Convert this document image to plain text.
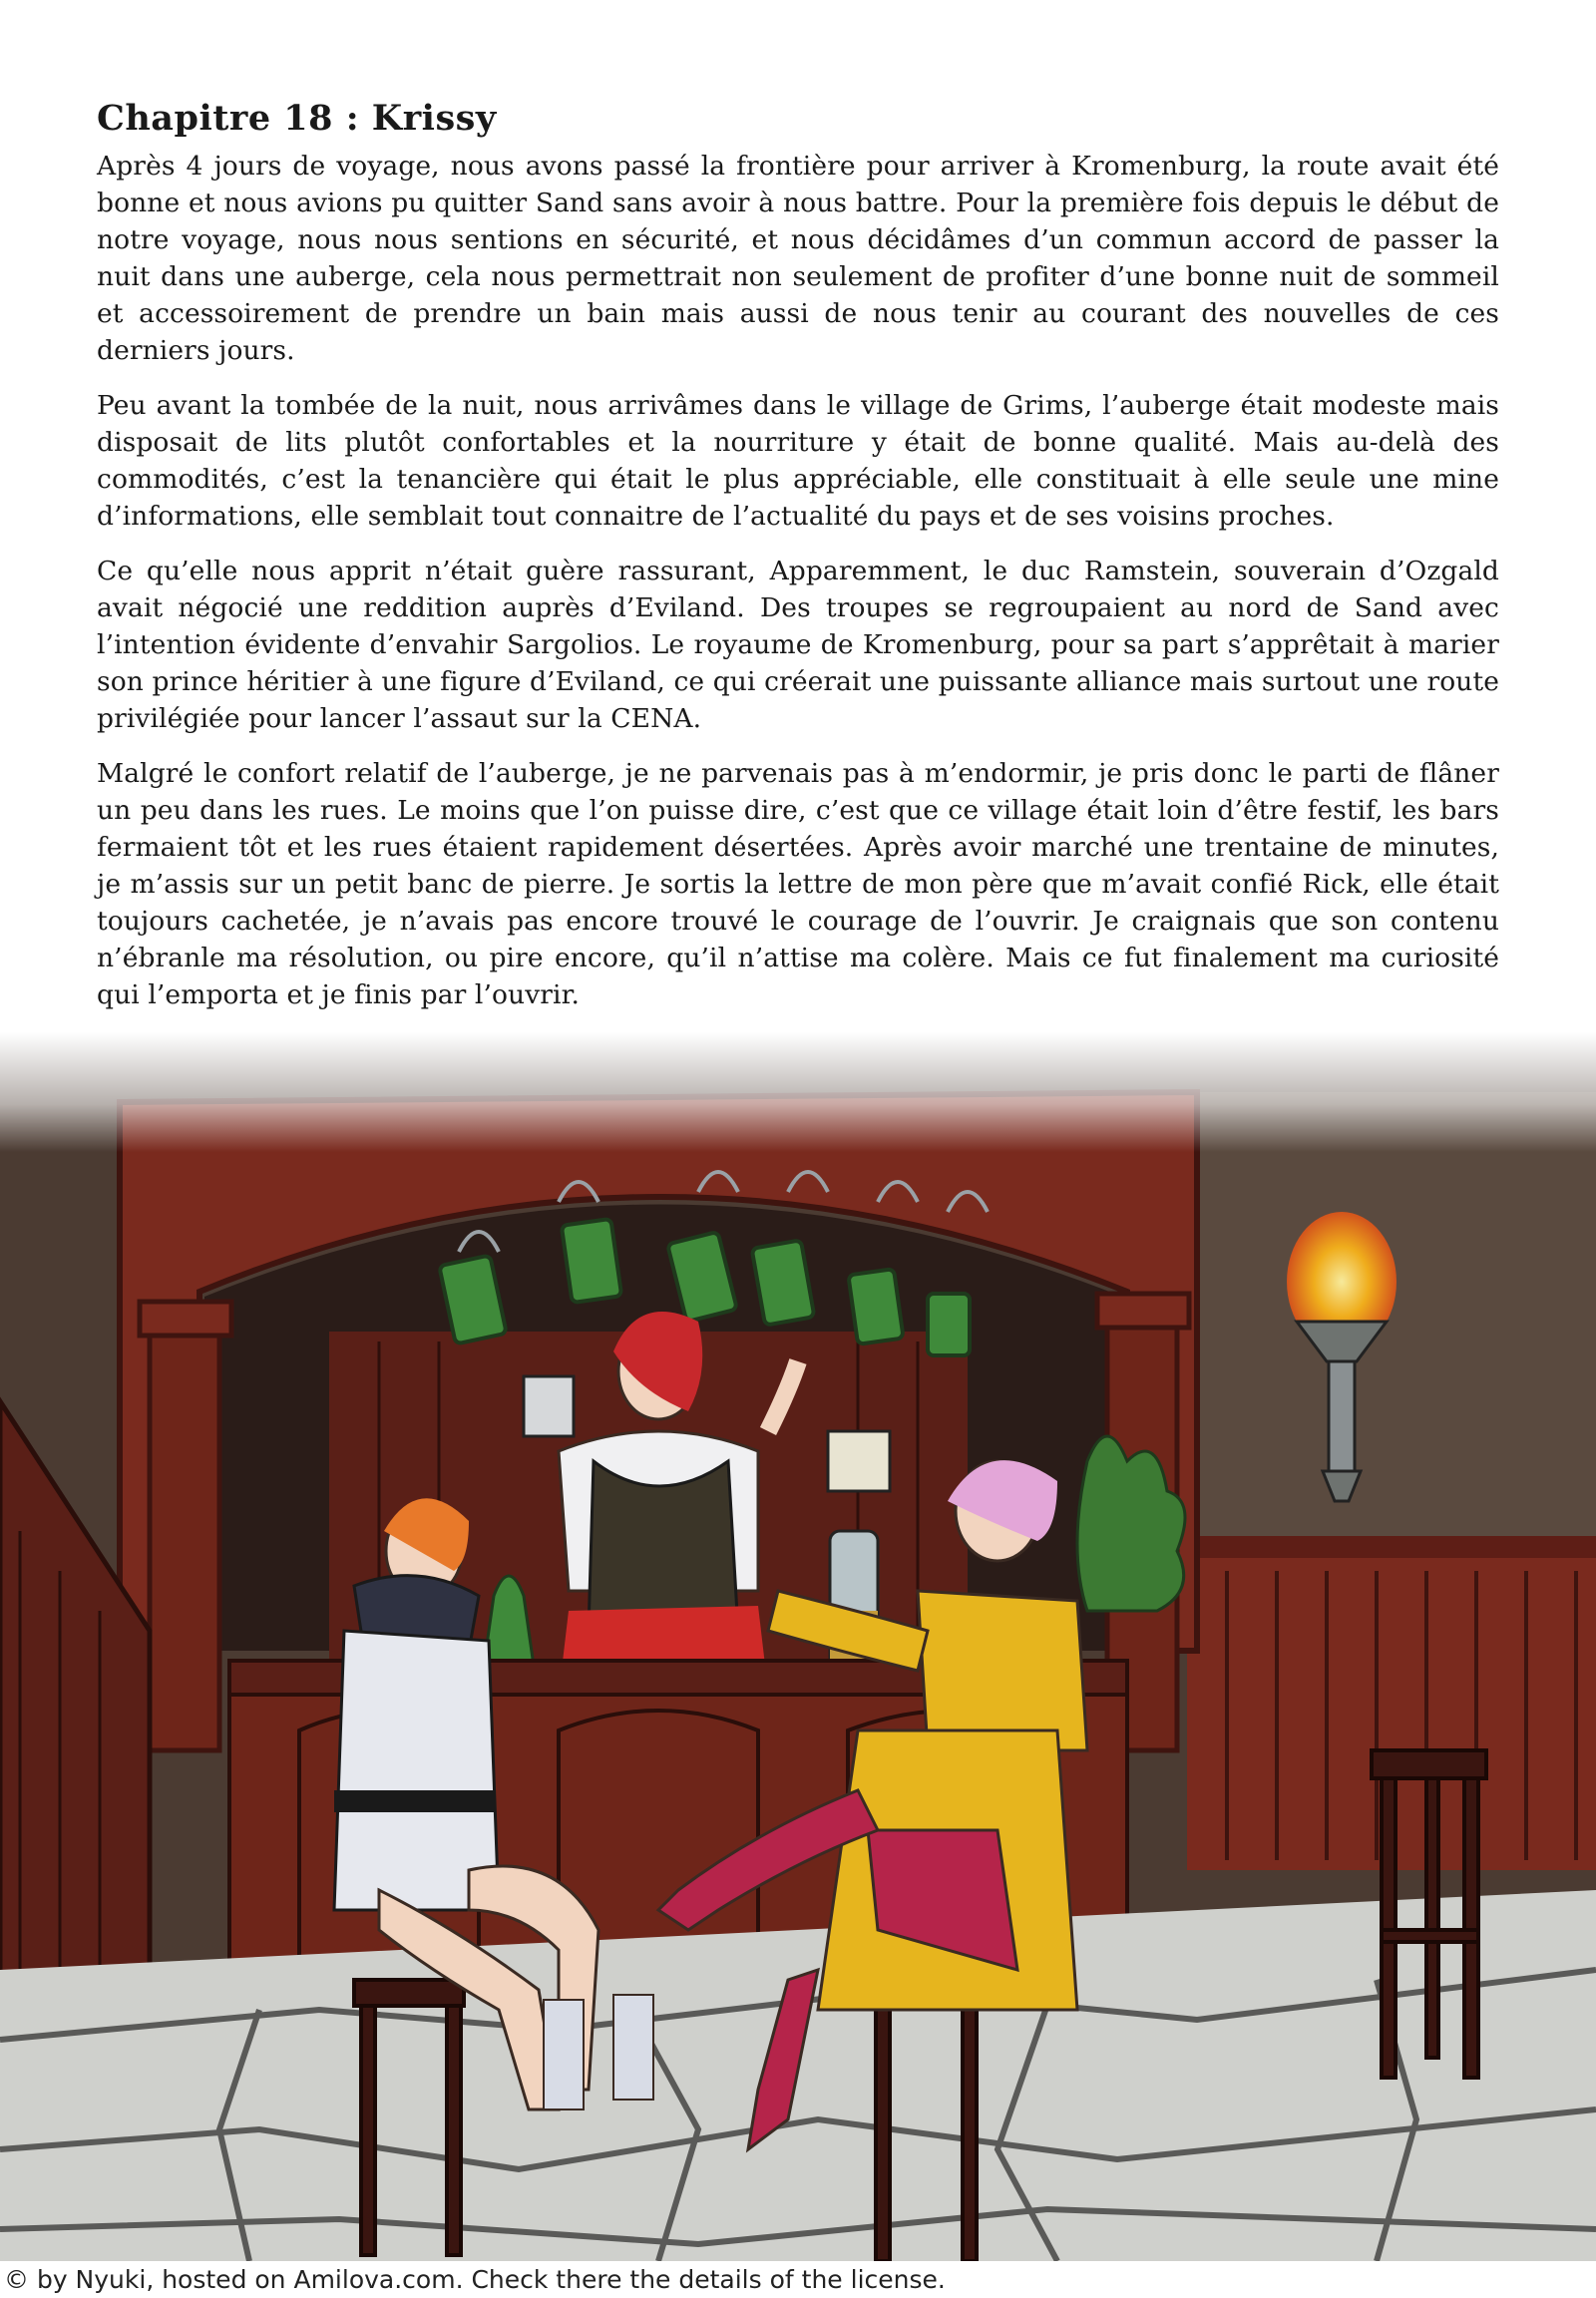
Chapitre 18 : Krissy

Après 4 jours de voyage, nous avons passé la frontière pour arriver à Kromenburg, la route avait été bonne et nous avions pu quitter Sand sans avoir à nous battre. Pour la première fois depuis le début de notre voyage, nous nous sentions en sécurité, et nous décidâmes d’un commun accord de passer la nuit dans une auberge, cela nous permettrait non seulement de profiter d’une bonne nuit de sommeil et accessoirement de prendre un bain mais aussi de nous tenir au courant des nouvelles de ces derniers jours.

Peu avant la tombée de la nuit, nous arrivâmes dans le village de Grims, l’auberge était modeste mais disposait de lits plutôt confortables et la nourriture y était de bonne qualité. Mais au-delà des commodités, c’est la tenancière qui était le plus appréciable, elle constituait à elle seule une mine d’informations, elle semblait tout connaitre de l’actualité du pays et de ses voisins proches.

Ce qu’elle nous apprit n’était guère rassurant, Apparemment, le duc Ramstein, souverain d’Ozgald avait négocié une reddition auprès d’Eviland. Des troupes se regroupaient au nord de Sand avec l’intention évidente d’envahir Sargolios. Le royaume de Kromenburg, pour sa part s’apprêtait à marier son prince héritier à une figure d’Eviland, ce qui créerait une puissante alliance mais surtout une route privilégiée pour lancer l’assaut sur la CENA.

Malgré le confort relatif de l’auberge, je ne parvenais pas à m’endormir, je pris donc le parti de flâner un peu dans les rues. Le moins que l’on puisse dire, c’est que ce village était loin d’être festif, les bars fermaient tôt et les rues étaient rapidement désertées. Après avoir marché une trentaine de minutes, je m’assis sur un petit banc de pierre. Je sortis la lettre de mon père que m’avait confié Rick, elle était toujours cachetée, je n’avais pas encore trouvé le courage de l’ouvrir. Je craignais que son contenu n’ébranle ma résolution, ou pire encore, qu’il n’attise ma colère. Mais ce fut finalement ma curiosité qui l’emporta et je finis par l’ouvrir.

© by Nyuki, hosted on Amilova.com. Check there the details of the license.
